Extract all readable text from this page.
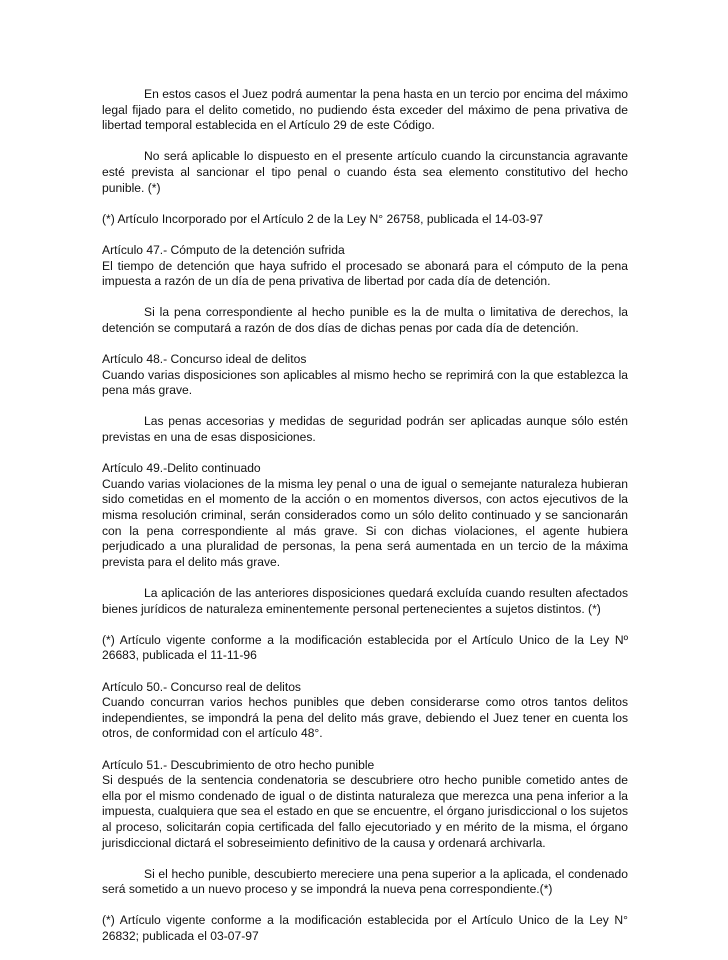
En estos casos el Juez podrá aumentar la pena hasta en un tercio por encima del máximo legal fijado para el delito cometido, no pudiendo ésta exceder del máximo de pena privativa de libertad temporal establecida en el Artículo 29 de este Código.

No será aplicable lo dispuesto en el presente artículo cuando la circunstancia agravante esté prevista al sancionar el tipo penal o cuando ésta sea elemento constitutivo del hecho punible. (*)

(*) Artículo Incorporado por el Artículo 2 de la Ley N° 26758, publicada el 14-03-97

Artículo 47.- Cómputo de la detención sufrida
El tiempo de detención que haya sufrido el procesado se abonará para el cómputo de la pena impuesta a razón de un día de pena privativa de libertad por cada día de detención.

Si la pena correspondiente al hecho punible es la de multa o limitativa de derechos, la detención se computará a razón de dos días de dichas penas por cada día de detención.

Artículo 48.- Concurso ideal de delitos
Cuando varias disposiciones son aplicables al mismo hecho se reprimirá con la que establezca la pena más grave.

Las penas accesorias y medidas de seguridad podrán ser aplicadas aunque sólo estén previstas en una de esas disposiciones.

Artículo 49.-Delito continuado
Cuando varias violaciones de la misma ley penal o una de igual o semejante naturaleza hubieran sido cometidas en el momento de la acción o en momentos diversos, con actos ejecutivos de la misma resolución criminal, serán considerados como un sólo delito continuado y se sancionarán con la pena correspondiente al más grave. Si con dichas violaciones, el agente hubiera perjudicado a una pluralidad de personas, la pena será aumentada en un tercio de la máxima prevista para el delito más grave.

La aplicación de las anteriores disposiciones quedará excluída cuando resulten afectados bienes jurídicos de naturaleza eminentemente personal pertenecientes a sujetos distintos. (*)

(*) Artículo vigente conforme a la modificación establecida por el Artículo Unico de la Ley Nº 26683, publicada el 11-11-96

Artículo 50.- Concurso real de delitos
Cuando concurran varios hechos punibles que deben considerarse como otros tantos delitos independientes, se impondrá la pena del delito más grave, debiendo el Juez tener en cuenta los otros, de conformidad con el artículo 48°.

Artículo 51.- Descubrimiento de otro hecho punible
Si después de la sentencia condenatoria se descubriere otro hecho punible cometido antes de ella por el mismo condenado de igual o de distinta naturaleza que merezca una pena inferior a la impuesta, cualquiera que sea el estado en que se encuentre, el órgano jurisdiccional o los sujetos al proceso, solicitarán copia certificada del fallo ejecutoriado y en mérito de la misma, el órgano jurisdiccional dictará el sobreseimiento definitivo de la causa y ordenará archivarla.

Si el hecho punible, descubierto mereciere una pena superior a la aplicada, el condenado será sometido a un nuevo proceso y se impondrá la nueva pena correspondiente.(*)

(*) Artículo vigente conforme a la modificación establecida por el Artículo Unico de la Ley N° 26832; publicada el 03-07-97
